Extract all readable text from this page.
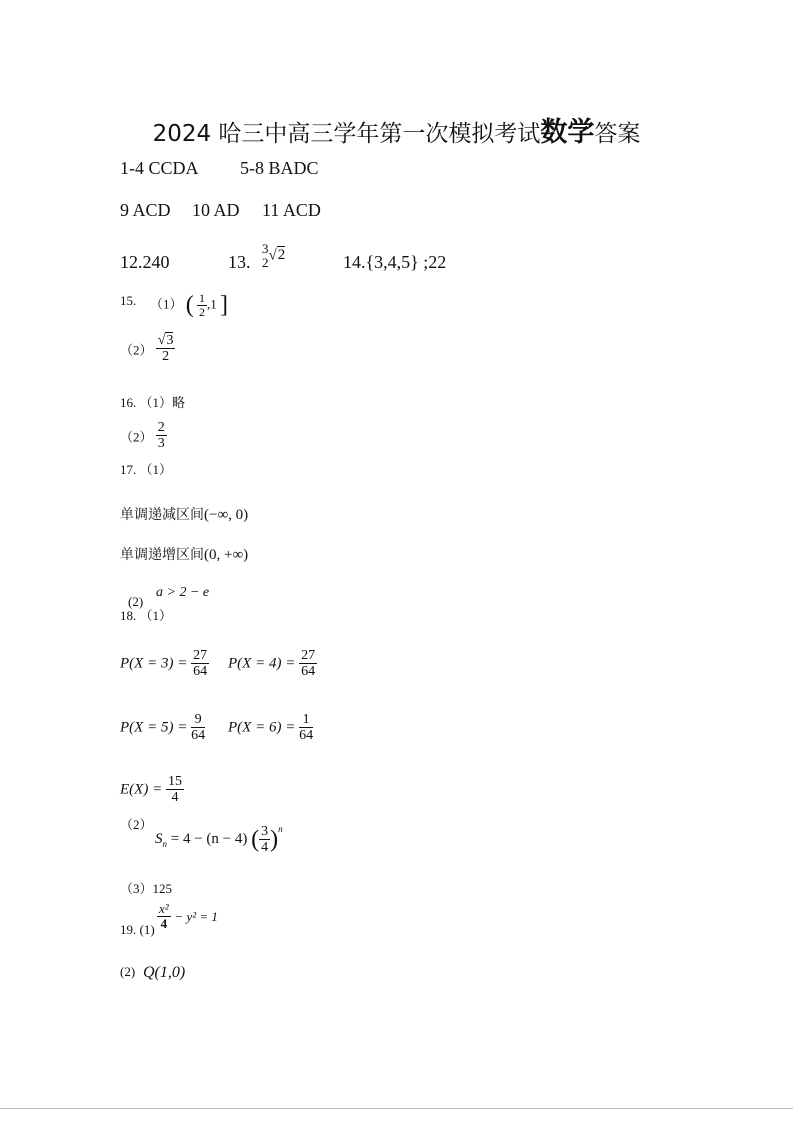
2024 哈三中高三学年第一次模拟考试数学答案
1-4 CCDA 5-8 BADC
9 ACD 10 AD 11 ACD
12.240	13.
3
2 √2	14.{3,4,5} ;22
15. （1） ( $\frac{1}{2} ,1$ ]
$(2) \frac{√3}{2}$
16. （1）略
$(2) \frac{2}{3}$
17. （1）
单调递减区间(−∞, 0)
单调递增区间(0, +∞)
(2)
a > 2 − e
18. （1）
$P(X = 3) = \frac{27}{64} P(X = 4) = \frac{27}{64}$
$P(X = 5) = \frac{9}{64} P(X = 6) = \frac{1}{64}$
$E(X) = \frac{15}{4}$
（2）
$S_n = 4 - (n - 4)$ ( $\frac{3}{4} )^n$
（3）125
19. $(1) \frac{\text{x²}}{4} - y^2 = 1$
(2) Q(1,0)
